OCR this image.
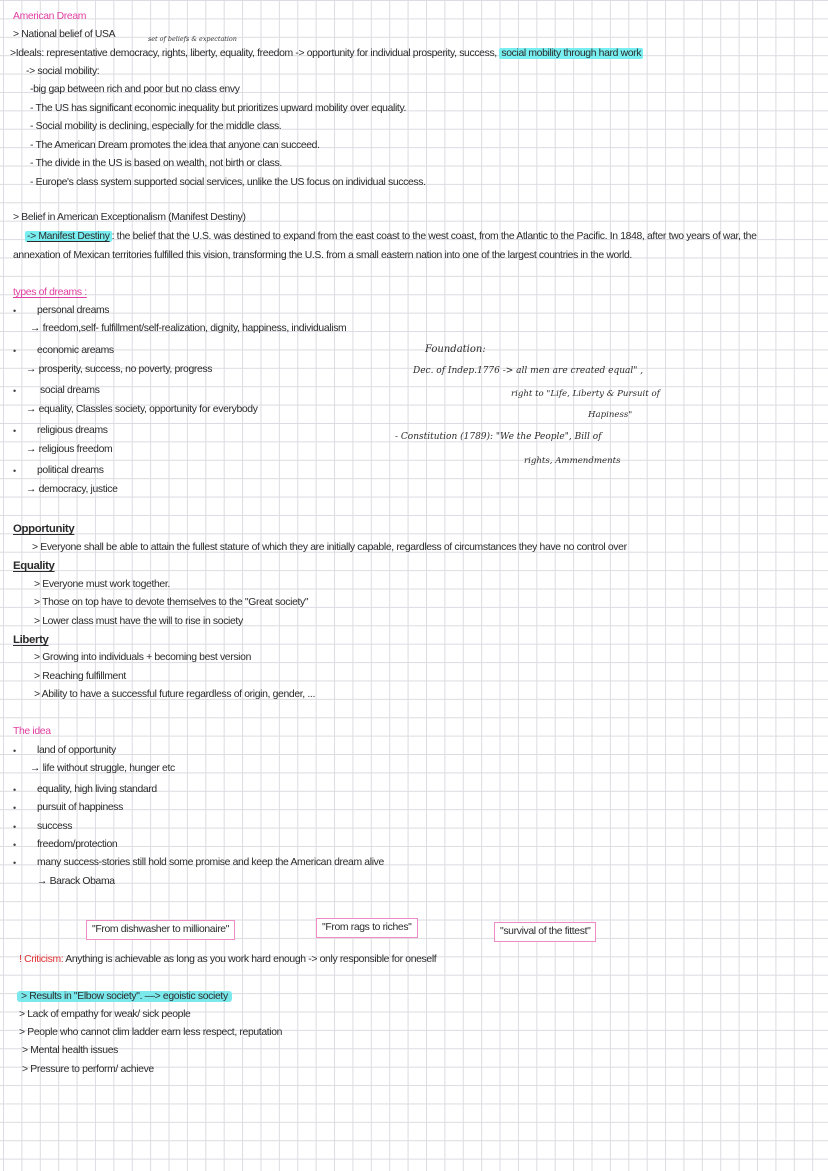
American Dream
> National belief of USA	set of beliefs & expectation
>Ideals: representative democracy, rights, liberty, equality, freedom -> opportunity for individual prosperity, success, social mobility through hard work
-> social mobility:
-big gap between rich and poor but no class envy
- The US has significant economic inequality but prioritizes upward mobility over equality.
- Social mobility is declining, especially for the middle class.
- The American Dream promotes the idea that anyone can succeed.
- The divide in the US is based on wealth, not birth or class.
- Europe's class system supported social services, unlike the US focus on individual success.
> Belief in American Exceptionalism (Manifest Destiny)
-> Manifest Destiny : the belief that the U.S. was destined to expand from the east coast to the west coast, from the Atlantic to the Pacific. In 1848, after two years of war, the
annexation of Mexican territories fulfilled this vision, transforming the U.S. from a small eastern nation into one of the largest countries in the world.
types of dreams :
• personal dreams
→ freedom,self- fulfillment/self-realization, dignity, happiness, individualism
• economic areams
→ prosperity, success, no poverty, progress
• social dreams
→ equality, Classles society, opportunity for everybody
• religious dreams
→ religious freedom
• political dreams
→ democracy, justice
Foundation:
Dec. of Indep.1776 -> all men are created equal" ,
right to "Life, Liberty & Pursuit of
Hapiness"
- Constitution (1789): "We the People", Bill of
rights, Ammendments
Opportunity
> Everyone shall be able to attain the fullest stature of which they are initially capable, regardless of circumstances they have no control over
Equality
> Everyone must work together.
> Those on top have to devote themselves to the "Great society"
> Lower class must have the will to rise in society
Liberty
> Growing into individuals + becoming best version
> Reaching fulfillment
> Ability to have a successful future regardless of origin, gender, ...
The idea
• land of opportunity
→ life without struggle, hunger etc
• equality, high living standard
• pursuit of happiness
• success
• freedom/protection
• many success-stories still hold some promise and keep the American dream alive
→ Barack Obama
"From dishwasher to millionaire"	"From rags to riches"	"survival of the fittest"
! Criticism: Anything is achievable as long as you work hard enough -> only responsible for oneself
> Results in "Elbow society". —> egoistic society
> Lack of empathy for weak/ sick people
> People who cannot clim ladder earn less respect, reputation
> Mental health issues
> Pressure to perform/ achieve
